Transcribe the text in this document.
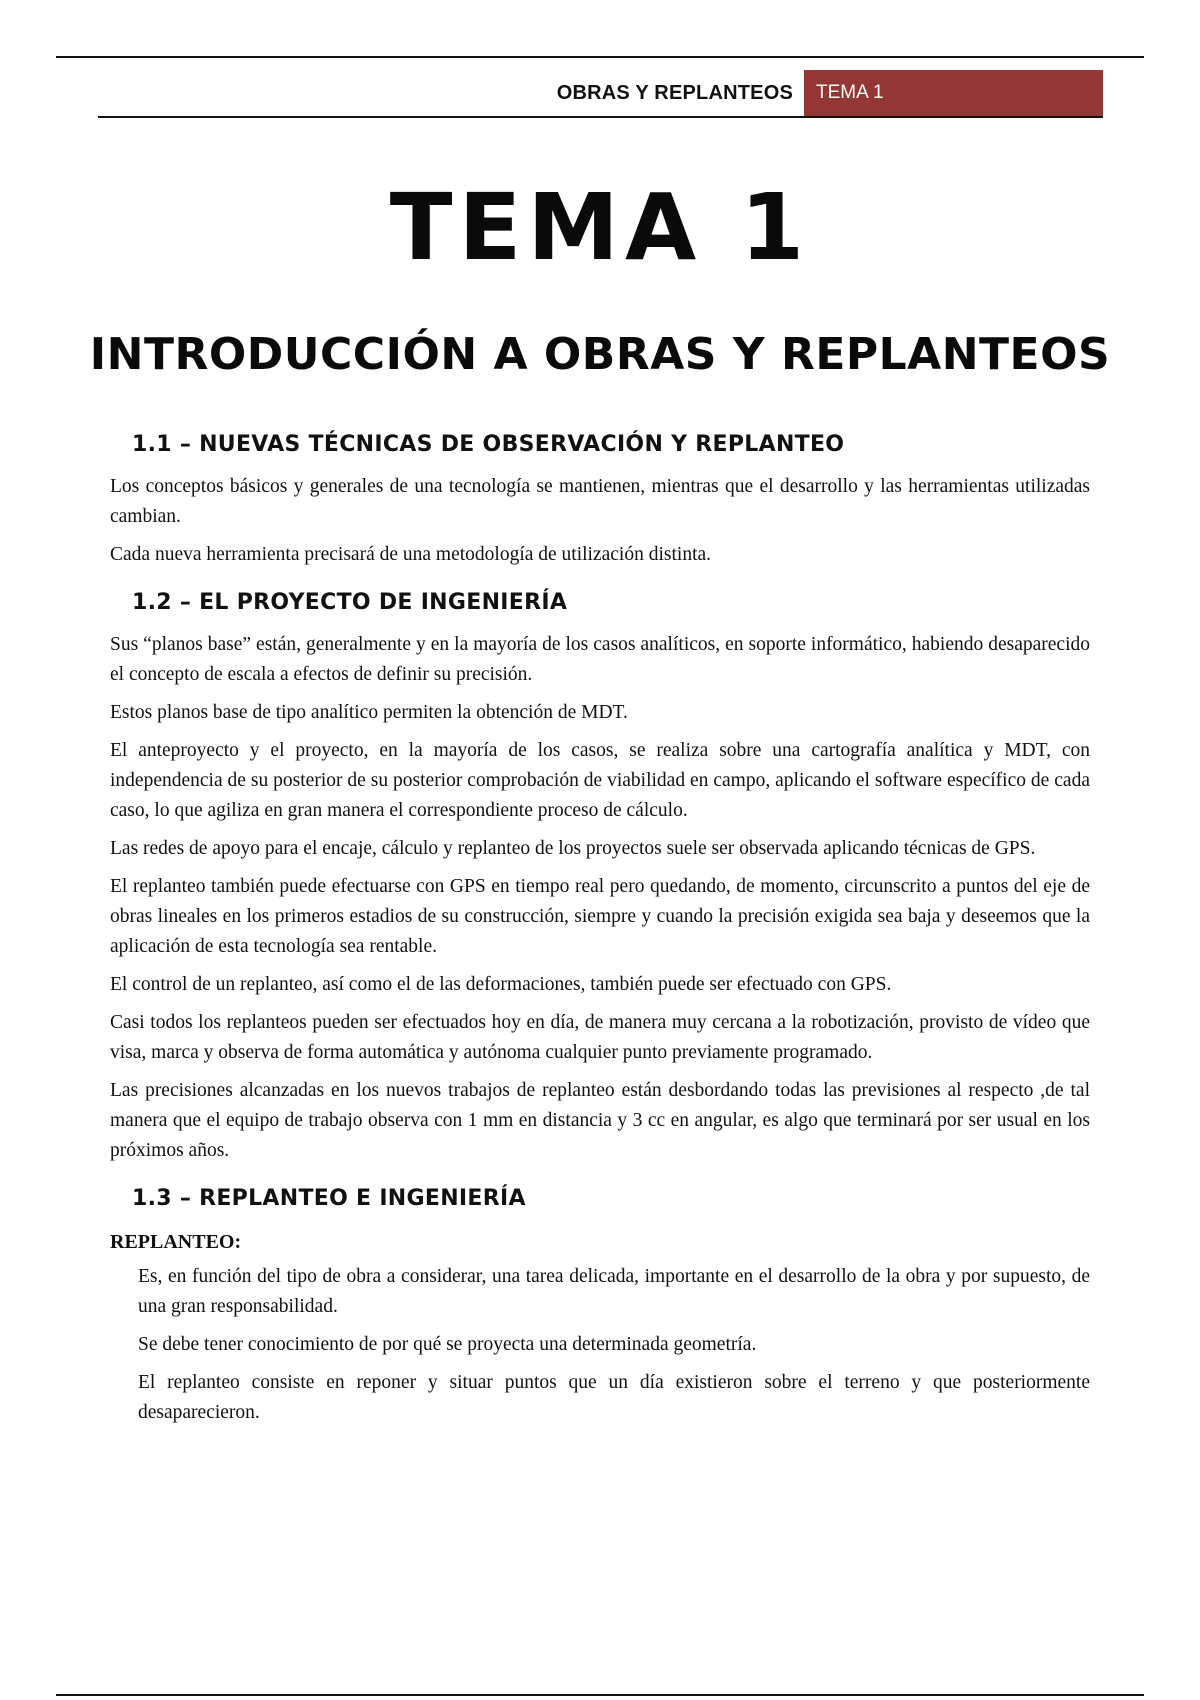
OBRAS Y REPLANTEOS	TEMA 1
TEMA 1
INTRODUCCIÓN A OBRAS Y REPLANTEOS
1.1 – NUEVAS TÉCNICAS DE OBSERVACIÓN Y REPLANTEO

Los conceptos básicos y generales de una tecnología se mantienen, mientras que el desarrollo y las herramientas utilizadas cambian.

Cada nueva herramienta precisará de una metodología de utilización distinta.

1.2 – EL PROYECTO DE INGENIERÍA

Sus “planos base” están, generalmente y en la mayoría de los casos analíticos, en soporte informático, habiendo desaparecido el concepto de escala a efectos de definir su precisión.

Estos planos base de tipo analítico permiten la obtención de MDT.

El anteproyecto y el proyecto, en la mayoría de los casos, se realiza sobre una cartografía analítica y MDT, con independencia de su posterior de su posterior comprobación de viabilidad en campo, aplicando el software específico de cada caso, lo que agiliza en gran manera el correspondiente proceso de cálculo.

Las redes de apoyo para el encaje, cálculo y replanteo de los proyectos suele ser observada aplicando técnicas de GPS.

El replanteo también puede efectuarse con GPS en tiempo real pero quedando, de momento, circunscrito a puntos del eje de obras lineales en los primeros estadios de su construcción, siempre y cuando la precisión exigida sea baja y deseemos que la aplicación de esta tecnología sea rentable.

El control de un replanteo, así como el de las deformaciones, también puede ser efectuado con GPS.

Casi todos los replanteos pueden ser efectuados hoy en día, de manera muy cercana a la robotización, provisto de vídeo que visa, marca y observa de forma automática y autónoma cualquier punto previamente programado.

Las precisiones alcanzadas en los nuevos trabajos de replanteo están desbordando todas las previsiones al respecto ,de tal manera que el equipo de trabajo observa con 1 mm en distancia y 3 cc en angular, es algo que terminará por ser usual en los próximos años.

1.3 – REPLANTEO E INGENIERÍA
REPLANTEO:

Es, en función del tipo de obra a considerar, una tarea delicada, importante en el desarrollo de la obra y por supuesto, de una gran responsabilidad.

Se debe tener conocimiento de por qué se proyecta una determinada geometría.

El replanteo consiste en reponer y situar puntos que un día existieron sobre el terreno y que posteriormente desaparecieron.
